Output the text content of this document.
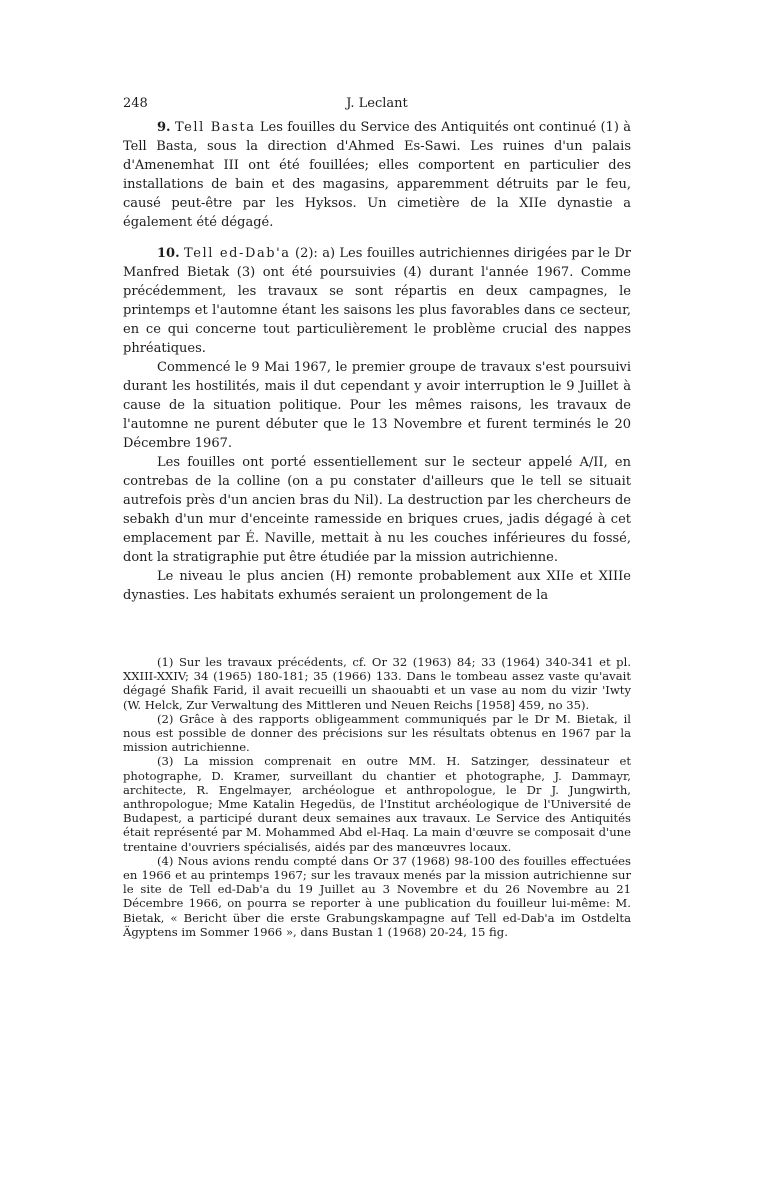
248	J. Leclant

9. Tell Basta Les fouilles du Service des Antiquités ont continué (1) à Tell Basta, sous la direction d'Ahmed Es-Sawi. Les ruines d'un palais d'Amenemhat III ont été fouillées; elles comportent en particulier des installations de bain et des magasins, apparemment détruits par le feu, causé peut-être par les Hyksos. Un cimetière de la XIIe dynastie a également été dégagé.

10. Tell ed-Dab'a (2): a) Les fouilles autrichiennes dirigées par le Dr Manfred Bietak (3) ont été poursuivies (4) durant l'année 1967. Comme précédemment, les travaux se sont répartis en deux campagnes, le printemps et l'automne étant les saisons les plus favorables dans ce secteur, en ce qui concerne tout particulièrement le problème crucial des nappes phréatiques.

Commencé le 9 Mai 1967, le premier groupe de travaux s'est poursuivi durant les hostilités, mais il dut cependant y avoir interruption le 9 Juillet à cause de la situation politique. Pour les mêmes raisons, les travaux de l'automne ne purent débuter que le 13 Novembre et furent terminés le 20 Décembre 1967.

Les fouilles ont porté essentiellement sur le secteur appelé A/II, en contrebas de la colline (on a pu constater d'ailleurs que le tell se situait autrefois près d'un ancien bras du Nil). La destruction par les chercheurs de sebakh d'un mur d'enceinte ramesside en briques crues, jadis dégagé à cet emplacement par É. Naville, mettait à nu les couches inférieures du fossé, dont la stratigraphie put être étudiée par la mission autrichienne.

Le niveau le plus ancien (H) remonte probablement aux XIIe et XIIIe dynasties. Les habitats exhumés seraient un prolongement de la

(1) Sur les travaux précédents, cf. Or 32 (1963) 84; 33 (1964) 340-341 et pl. XXIII-XXIV; 34 (1965) 180-181; 35 (1966) 133. Dans le tombeau assez vaste qu'avait dégagé Shafik Farid, il avait recueilli un shaouabti et un vase au nom du vizir 'Iwty (W. Helck, Zur Verwaltung des Mittleren und Neuen Reichs [1958] 459, no 35).

(2) Grâce à des rapports obligeamment communiqués par le Dr M. Bietak, il nous est possible de donner des précisions sur les résultats obtenus en 1967 par la mission autrichienne.

(3) La mission comprenait en outre MM. H. Satzinger, dessinateur et photographe, D. Kramer, surveillant du chantier et photographe, J. Dammayr, architecte, R. Engelmayer, archéologue et anthropologue, le Dr J. Jungwirth, anthropologue; Mme Katalin Hegedüs, de l'Institut archéologique de l'Université de Budapest, a participé durant deux semaines aux travaux. Le Service des Antiquités était représenté par M. Mohammed Abd el-Haq. La main d'œuvre se composait d'une trentaine d'ouvriers spécialisés, aidés par des manœuvres locaux.

(4) Nous avions rendu compté dans Or 37 (1968) 98-100 des fouilles effectuées en 1966 et au printemps 1967; sur les travaux menés par la mission autrichienne sur le site de Tell ed-Dab'a du 19 Juillet au 3 Novembre et du 26 Novembre au 21 Décembre 1966, on pourra se reporter à une publication du fouilleur lui-même: M. Bietak, « Bericht über die erste Grabungskampagne auf Tell ed-Dab'a im Ostdelta Ägyptens im Sommer 1966 », dans Bustan 1 (1968) 20-24, 15 fig.
